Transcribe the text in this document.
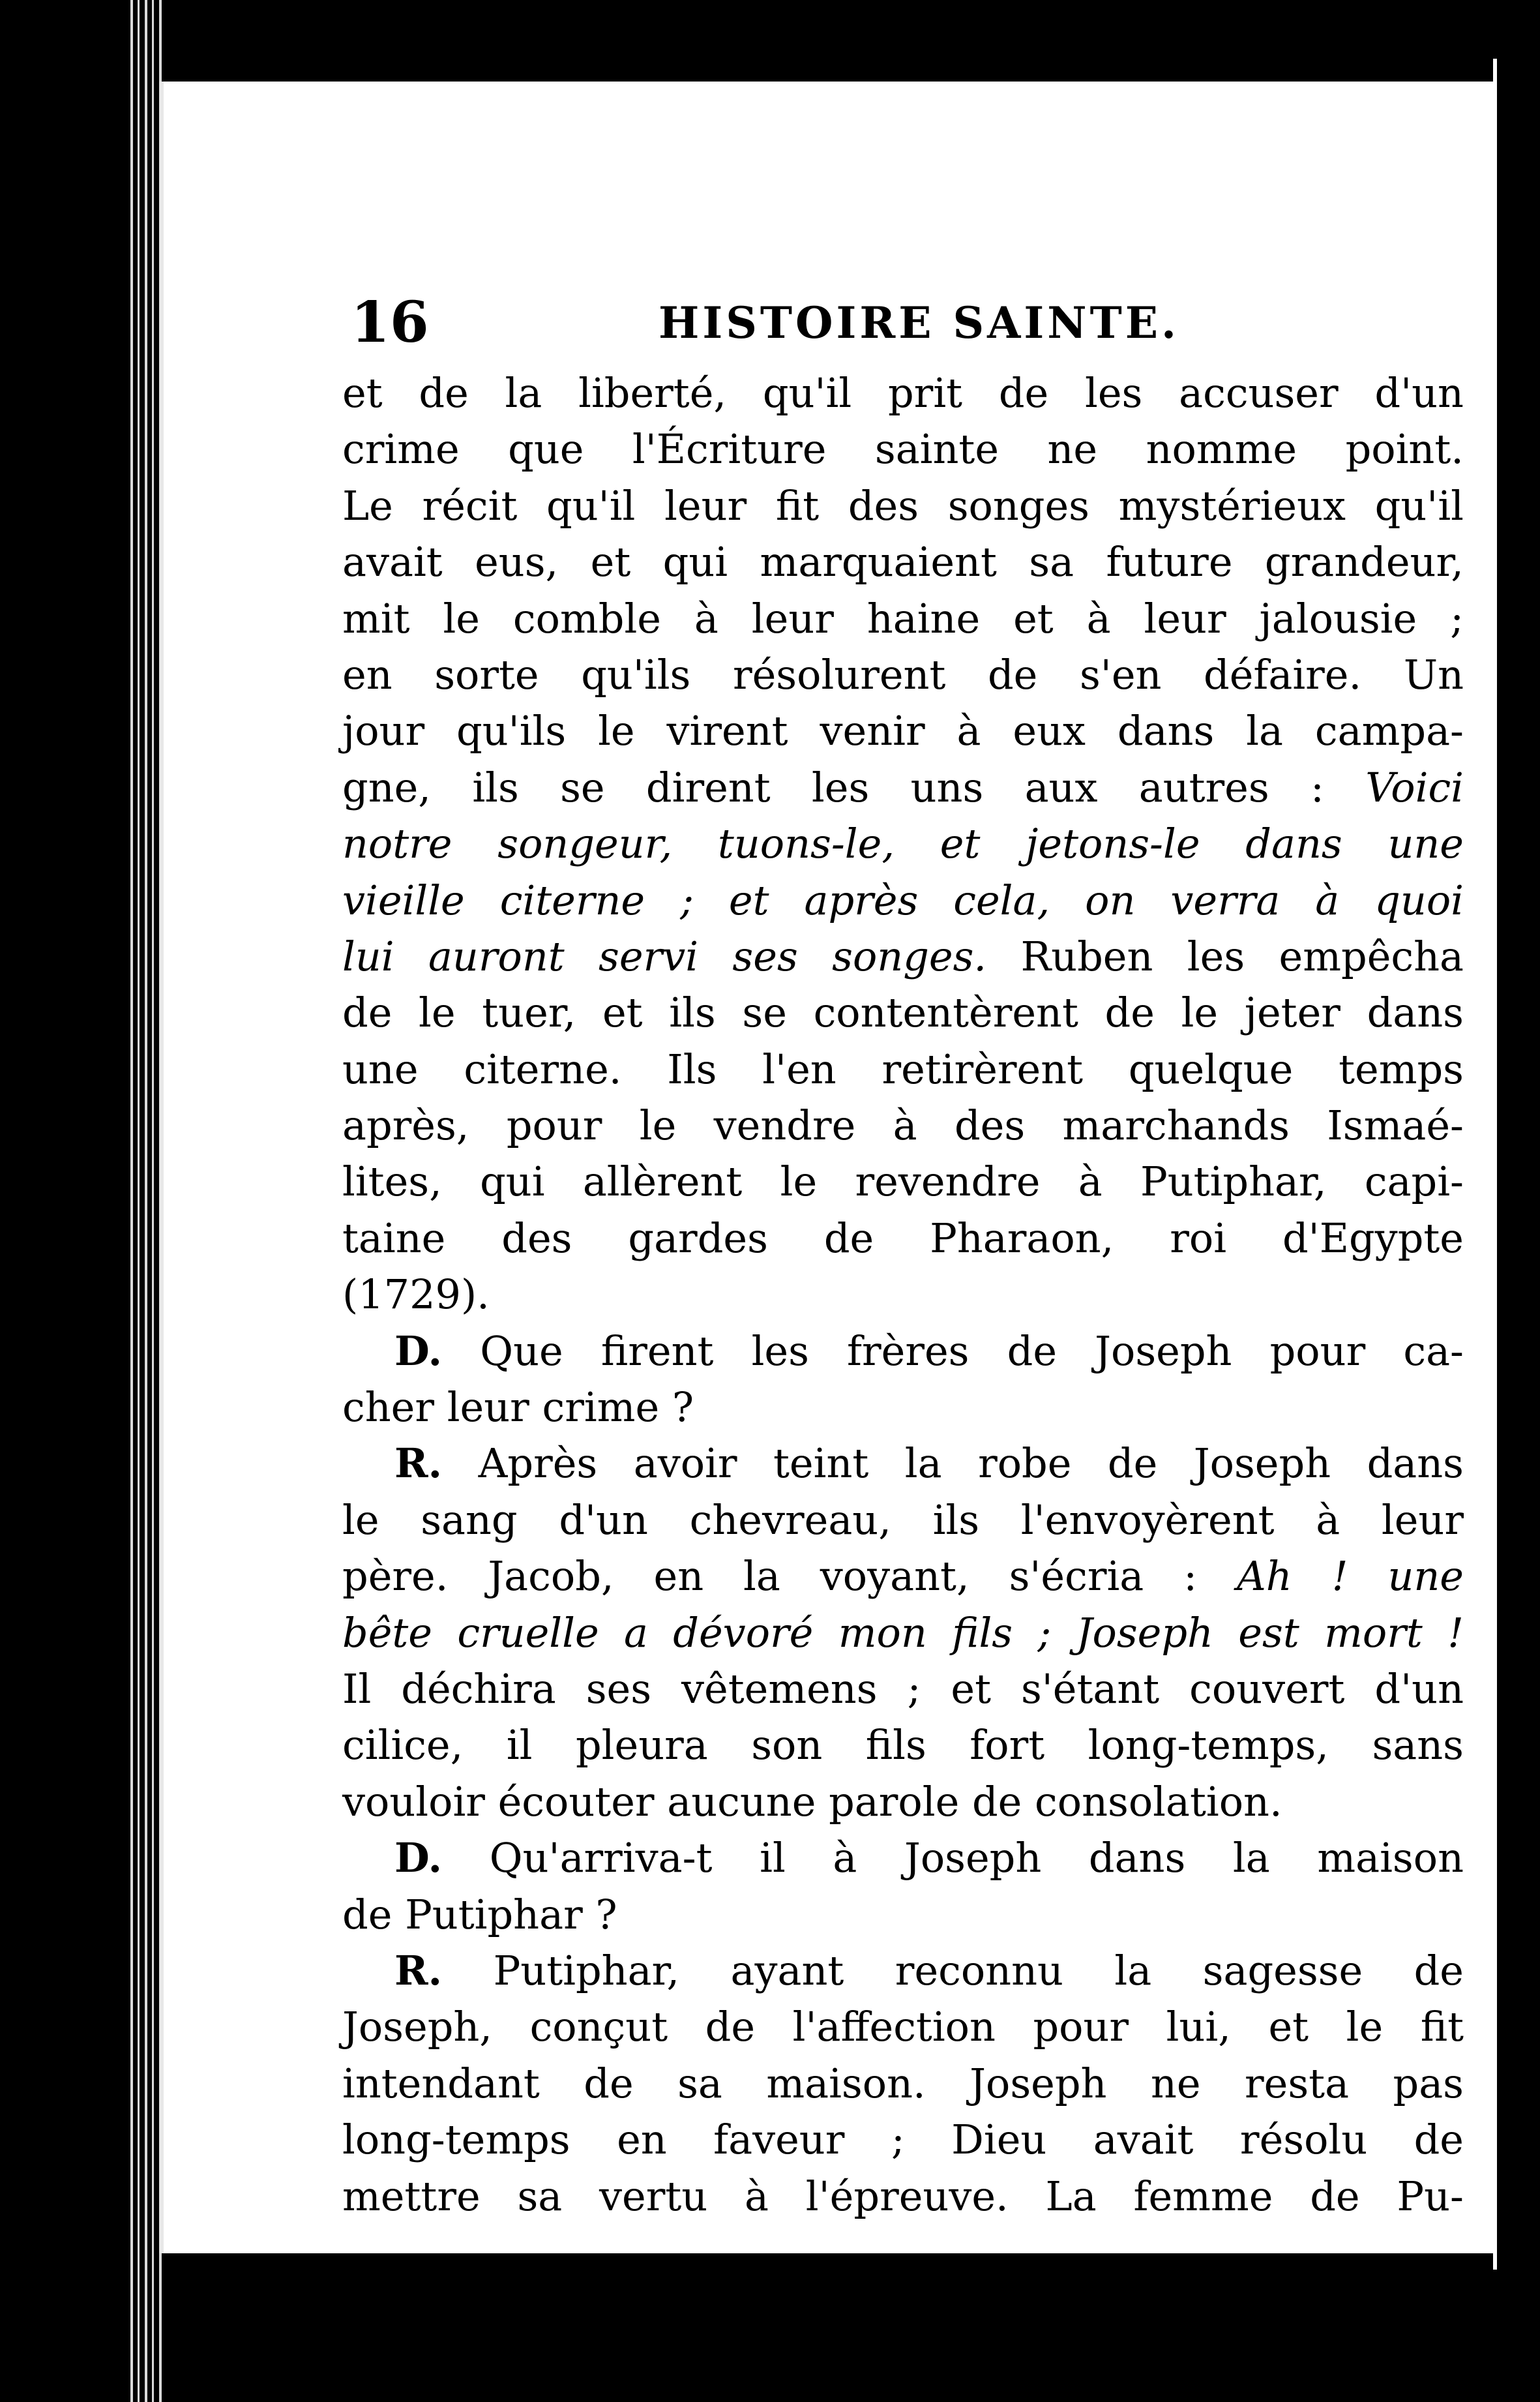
16	HISTOIRE SAINTE.
et de la liberté, qu'il prit de les accuser d'un
crime que l'Écriture sainte ne nomme point.
Le récit qu'il leur fit des songes mystérieux qu'il
avait eus, et qui marquaient sa future grandeur,
mit le comble à leur haine et à leur jalousie ;
en sorte qu'ils résolurent de s'en défaire. Un
jour qu'ils le virent venir à eux dans la campa-
gne, ils se dirent les uns aux autres : Voici
notre songeur, tuons-le, et jetons-le dans une
vieille citerne ; et après cela, on verra à quoi
lui auront servi ses songes. Ruben les empêcha
de le tuer, et ils se contentèrent de le jeter dans
une citerne. Ils l'en retirèrent quelque temps
après, pour le vendre à des marchands Ismaé-
lites, qui allèrent le revendre à Putiphar, capi-
taine des gardes de Pharaon, roi d'Egypte
(1729).
D. Que firent les frères de Joseph pour ca-
cher leur crime ?
R. Après avoir teint la robe de Joseph dans
le sang d'un chevreau, ils l'envoyèrent à leur
père. Jacob, en la voyant, s'écria : Ah ! une
bête cruelle a dévoré mon fils ; Joseph est mort !
Il déchira ses vêtemens ; et s'étant couvert d'un
cilice, il pleura son fils fort long-temps, sans
vouloir écouter aucune parole de consolation.
D. Qu'arriva-t il à Joseph dans la maison
de Putiphar ?
R. Putiphar, ayant reconnu la sagesse de
Joseph, conçut de l'affection pour lui, et le fit
intendant de sa maison. Joseph ne resta pas
long-temps en faveur ; Dieu avait résolu de
mettre sa vertu à l'épreuve. La femme de Pu-
